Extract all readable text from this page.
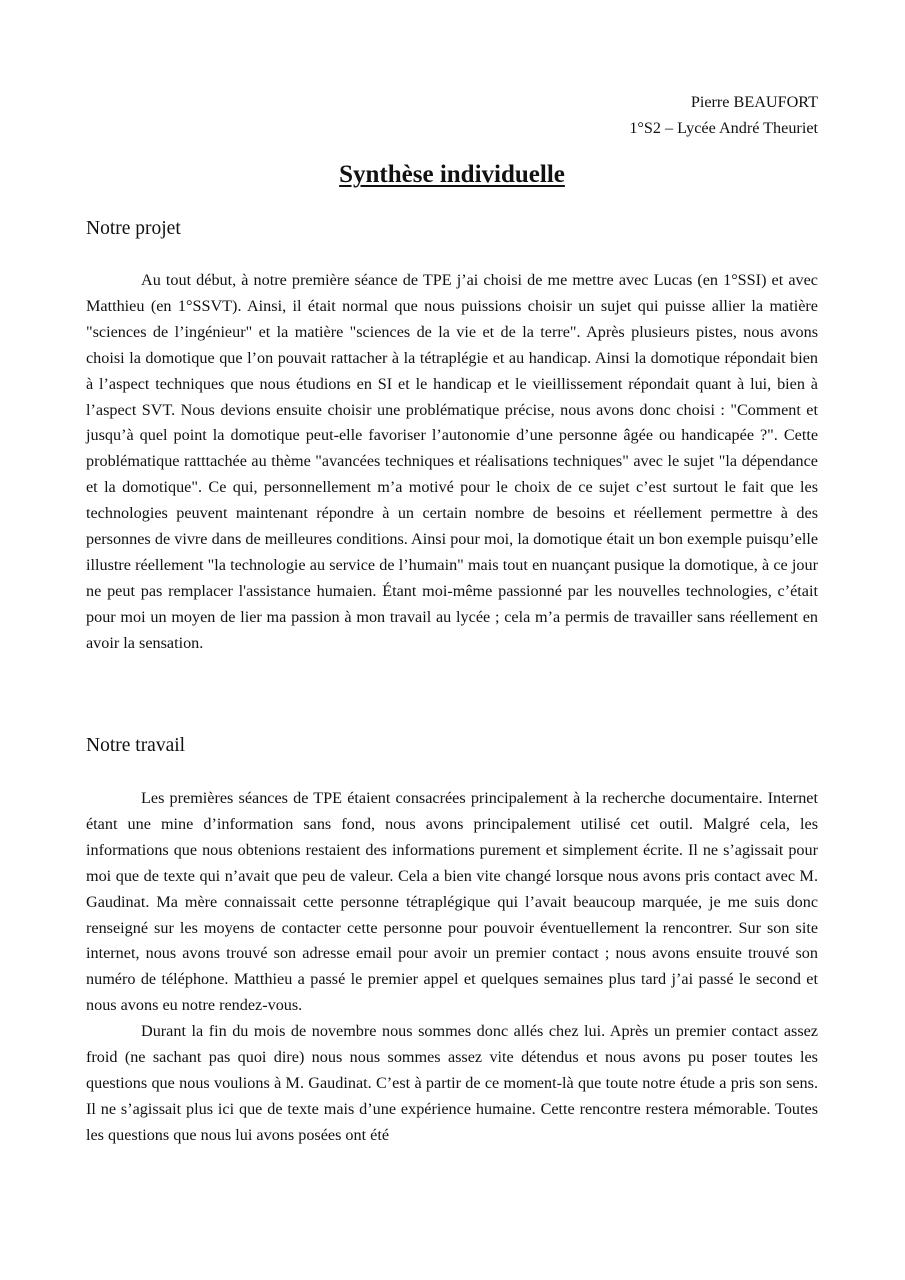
Pierre BEAUFORT
1°S2 – Lycée André Theuriet
Synthèse individuelle
Notre projet

Au tout début, à notre première séance de TPE j’ai choisi de me mettre avec Lucas (en 1°SSI) et avec Matthieu (en 1°SSVT). Ainsi, il était normal que nous puissions choisir un sujet qui puisse allier la matière "sciences de l’ingénieur" et la matière "sciences de la vie et de la terre". Après plusieurs pistes, nous avons choisi la domotique que l’on pouvait rattacher à la tétraplégie et au handicap. Ainsi la domotique répondait bien à l’aspect techniques que nous étudions en SI et le handicap et le vieillissement répondait quant à lui, bien à l’aspect SVT. Nous devions ensuite choisir une problématique précise, nous avons donc choisi : "Comment et jusqu’à quel point la domotique peut-elle favoriser l’autonomie d’une personne âgée ou handicapée ?". Cette problématique ratttachée au thème "avancées techniques et réalisations techniques" avec le sujet "la dépendance et la domotique". Ce qui, personnellement m’a motivé pour le choix de ce sujet c’est surtout le fait que les technologies peuvent maintenant répondre à un certain nombre de besoins et réellement permettre à des personnes de vivre dans de meilleures conditions. Ainsi pour moi, la domotique était un bon exemple puisqu’elle illustre réellement "la technologie au service de l’humain" mais tout en nuançant pusique la domotique, à ce jour ne peut pas remplacer l'assistance humaien. Étant moi-même passionné par les nouvelles technologies, c’était pour moi un moyen de lier ma passion à mon travail au lycée ; cela m’a permis de travailler sans réellement en avoir la sensation.

Notre travail

Les premières séances de TPE étaient consacrées principalement à la recherche documentaire. Internet étant une mine d’information sans fond, nous avons principalement utilisé cet outil. Malgré cela, les informations que nous obtenions restaient des informations purement et simplement écrite. Il ne s’agissait pour moi que de texte qui n’avait que peu de valeur. Cela a bien vite changé lorsque nous avons pris contact avec M. Gaudinat. Ma mère connaissait cette personne tétraplégique qui l’avait beaucoup marquée, je me suis donc renseigné sur les moyens de contacter cette personne pour pouvoir éventuellement la rencontrer. Sur son site internet, nous avons trouvé son adresse email pour avoir un premier contact ; nous avons ensuite trouvé son numéro de téléphone. Matthieu a passé le premier appel et quelques semaines plus tard j’ai passé le second et nous avons eu notre rendez-vous.

Durant la fin du mois de novembre nous sommes donc allés chez lui. Après un premier contact assez froid (ne sachant pas quoi dire) nous nous sommes assez vite détendus et nous avons pu poser toutes les questions que nous voulions à M. Gaudinat. C’est à partir de ce moment-là que toute notre étude a pris son sens. Il ne s’agissait plus ici que de texte mais d’une expérience humaine. Cette rencontre restera mémorable. Toutes les questions que nous lui avons posées ont été
